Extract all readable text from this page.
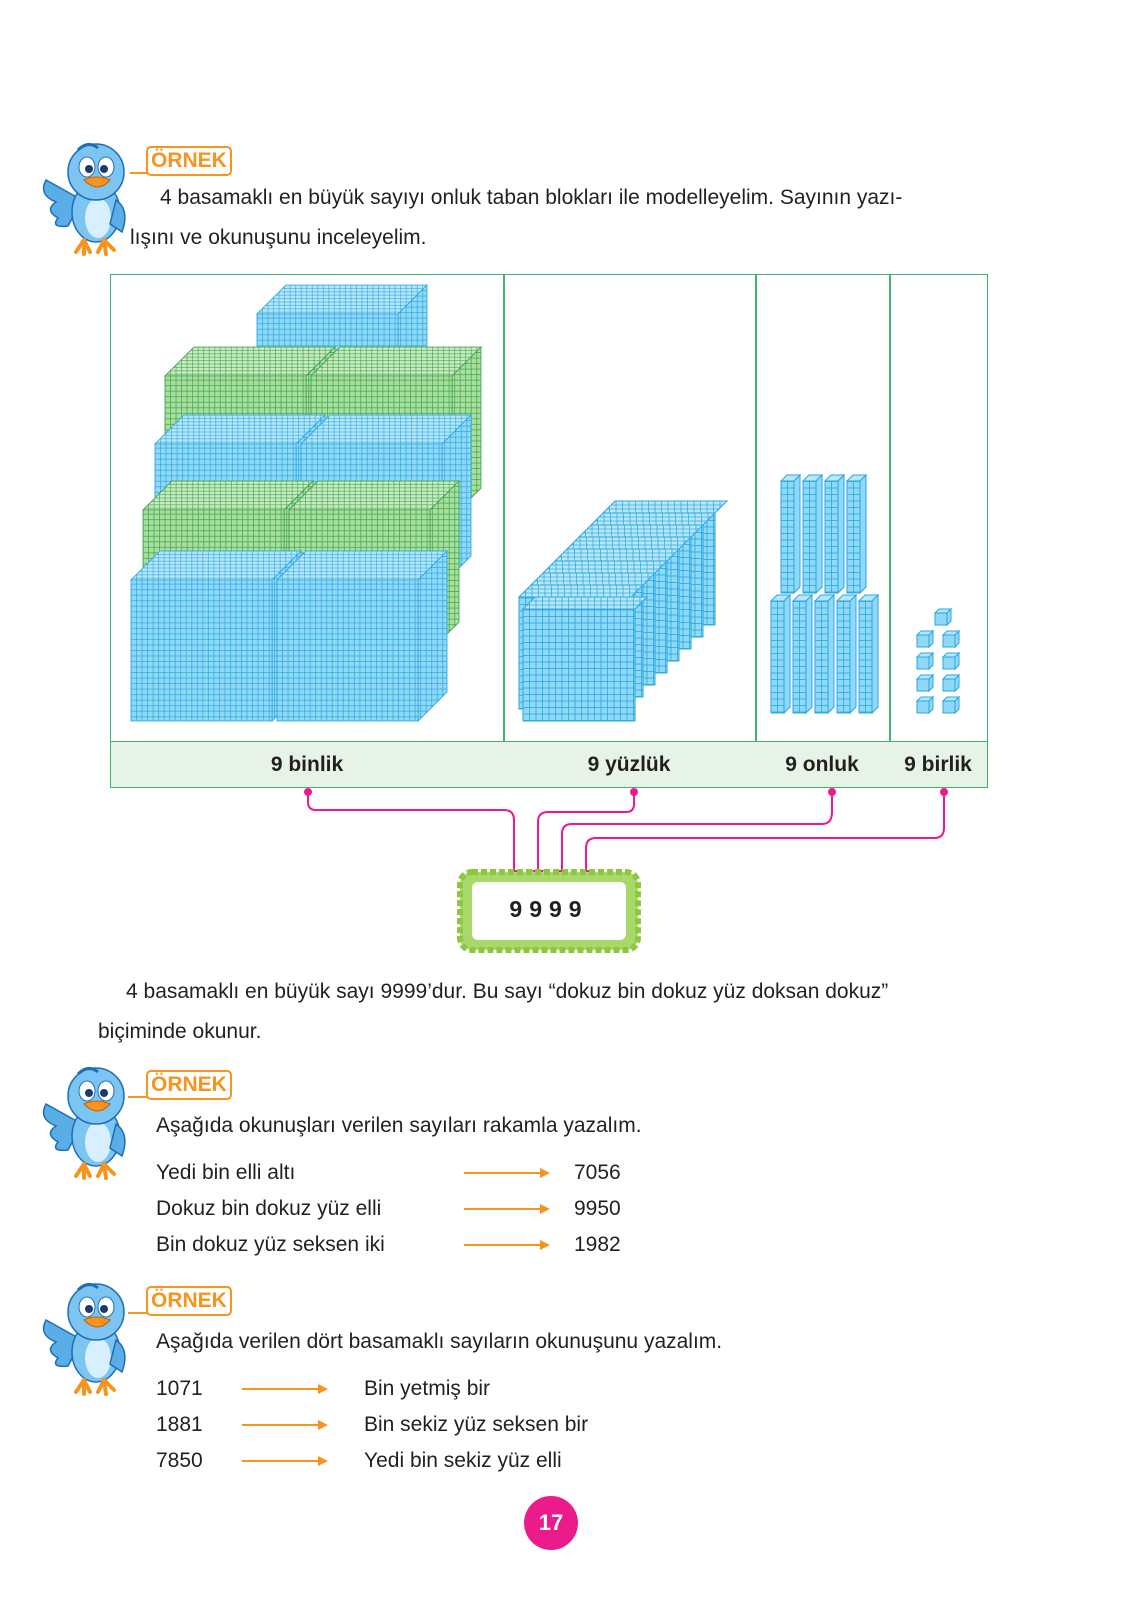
ÖRNEK
4 basamaklı en büyük sayıyı onluk taban blokları ile modelleyelim. Sayının yazı-
lışını ve okunuşunu inceleyelim.
9 binlik	9 yüzlük	9 onluk	9 birlik
9999
4 basamaklı en büyük sayı 9999’dur. Bu sayı “dokuz bin dokuz yüz doksan dokuz”
biçiminde okunur.
ÖRNEK
Aşağıda okunuşları verilen sayıları rakamla yazalım.
Yedi bin elli altı	7056
Dokuz bin dokuz yüz elli	9950
Bin dokuz yüz seksen iki	1982
ÖRNEK
Aşağıda verilen dört basamaklı sayıların okunuşunu yazalım.
1071	Bin yetmiş bir
1881	Bin sekiz yüz seksen bir
7850	Yedi bin sekiz yüz elli
17
